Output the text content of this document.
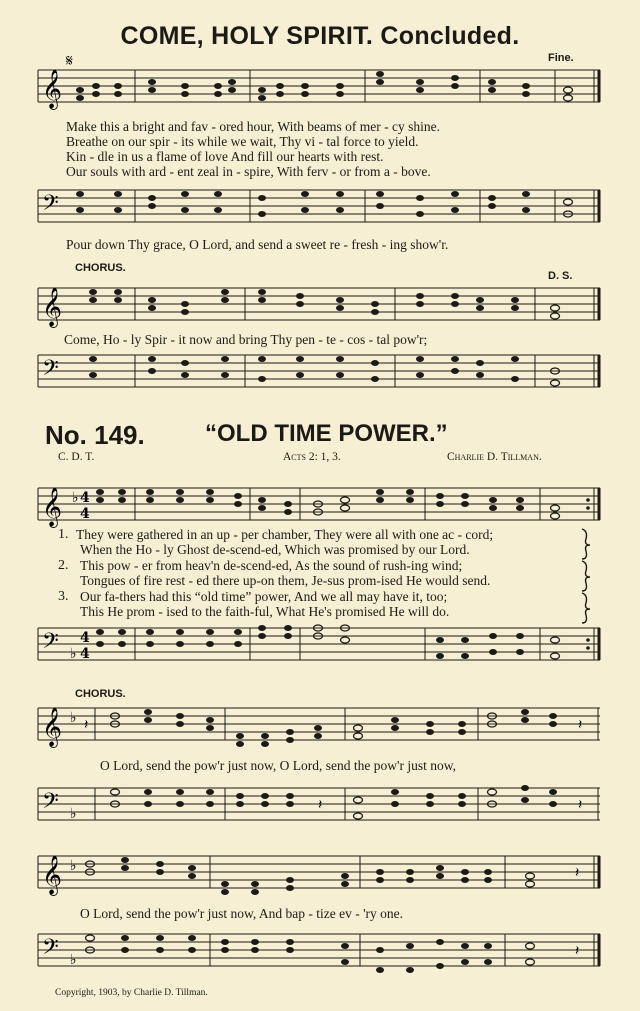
COME, HOLY SPIRIT. Concluded.
Fine.
𝄞
𝄋
Make this a bright and fav - ored hour, With beams of mer - cy shine.
Breathe on our spir - its while we wait, Thy vi - tal force to yield.
Kin - dle in us a flame of love And fill our hearts with rest.
Our souls with ard - ent zeal in - spire, With ferv - or from a - bove.
𝄢
Pour down Thy grace, O Lord, and send a sweet re - fresh - ing show'r.
CHORUS.
D. S.
𝄞
Come, Ho - ly Spir - it now and bring Thy pen - te - cos - tal pow'r;
𝄢
No. 149.	“OLD TIME POWER.”
C. D. T.	Acts 2: 1, 3.	Charlie D. Tillman.
𝄞 ♭ 4
4
1.
2.
3.
They were gathered in an up - per chamber, They were all with one ac - cord;
When the Ho - ly Ghost de-scend-ed, Which was promised by our Lord.
This pow - er from heav'n de-scend-ed, As the sound of rush-ing wind;
Tongues of fire rest - ed there up-on them, Je-sus prom-ised He would send.
Our fa-thers had this “old time” power, And we all may have it, too;
This He prom - ised to the faith-ful, What He's promised He will do.
𝄢 ♭
4
4
CHORUS.
𝄞 ♭ 𝄽	𝄽
O Lord, send the pow'r just now, O Lord, send the pow'r just now,
𝄢 ♭
𝄽	𝄽
𝄞 ♭	𝄽
O Lord, send the pow'r just now, And bap - tize ev - 'ry one.
𝄢 ♭
𝄽
Copyright, 1903, by Charlie D. Tillman.
